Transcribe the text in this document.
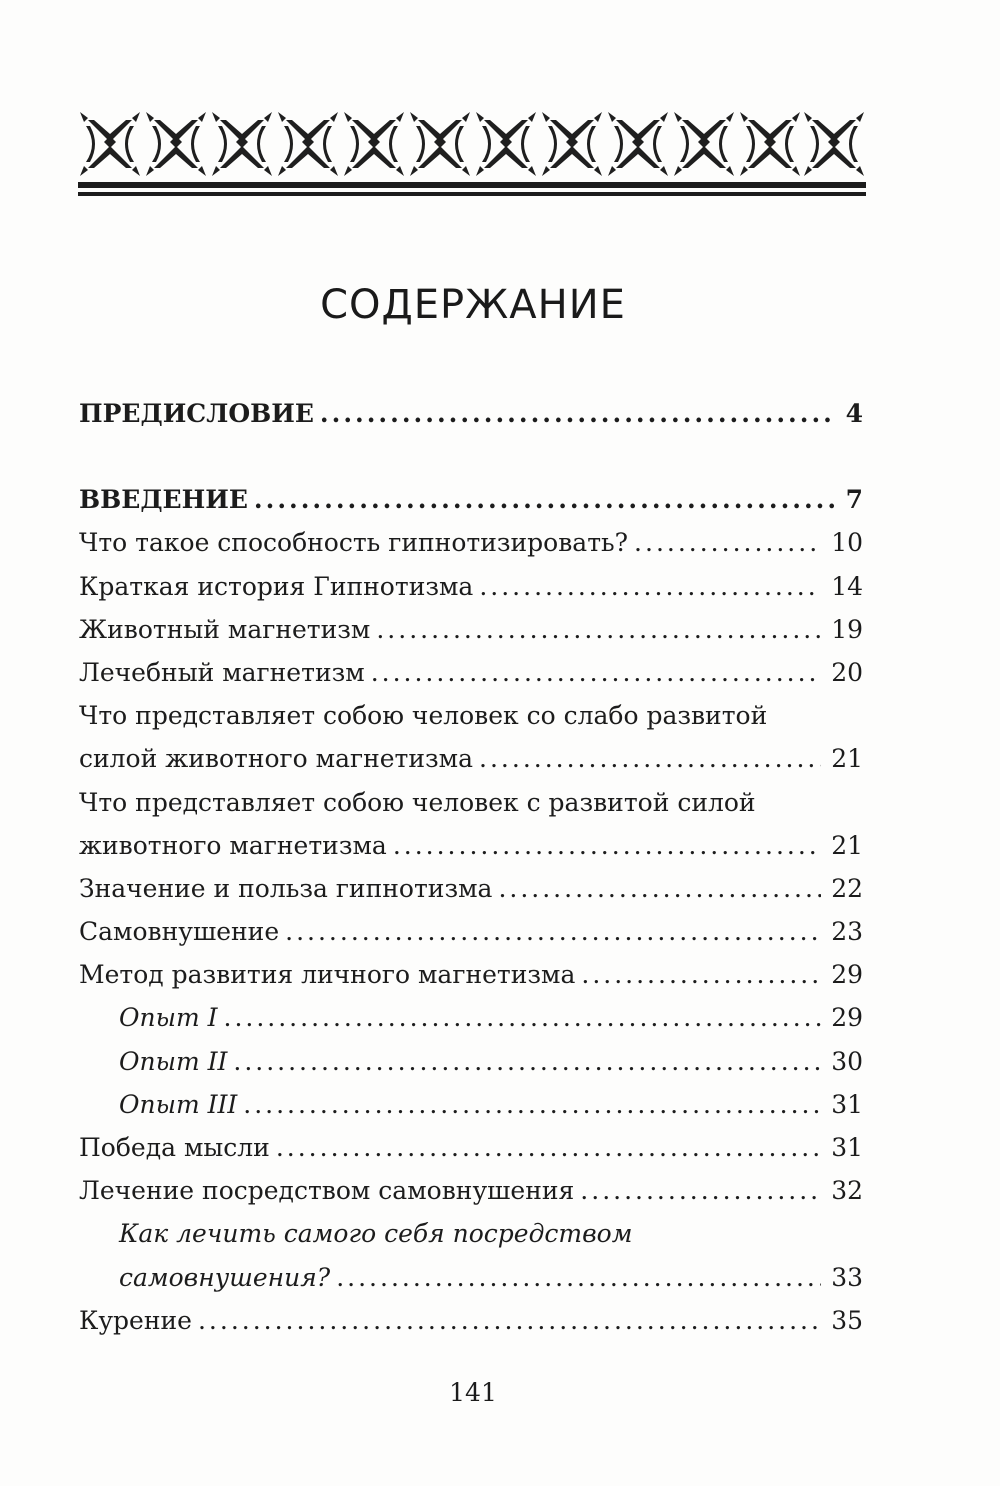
СОДЕРЖАНИЕ
ПРЕДИСЛОВИЕ .....	4
ВВЕДЕНИЕ .....	7
Что такое способность гипнотизировать? .....	10
Краткая история Гипнотизма .....	14
Животный магнетизм .....	19
Лечебный магнетизм .....	20
Что представляет собою человек со слабо развитой
силой животного магнетизма .....	21
Что представляет собою человек с развитой силой
животного магнетизма .....	21
Значение и польза гипнотизма .....	22
Самовнушение .....	23
Метод развития личного магнетизма .....	29
Опыт I .....	29
Опыт II .....	30
Опыт III .....	31
Победа мысли .....	31
Лечение посредством самовнушения .....	32
Как лечить самого себя посредством
самовнушения? .....	33
Курение .....	35
141
